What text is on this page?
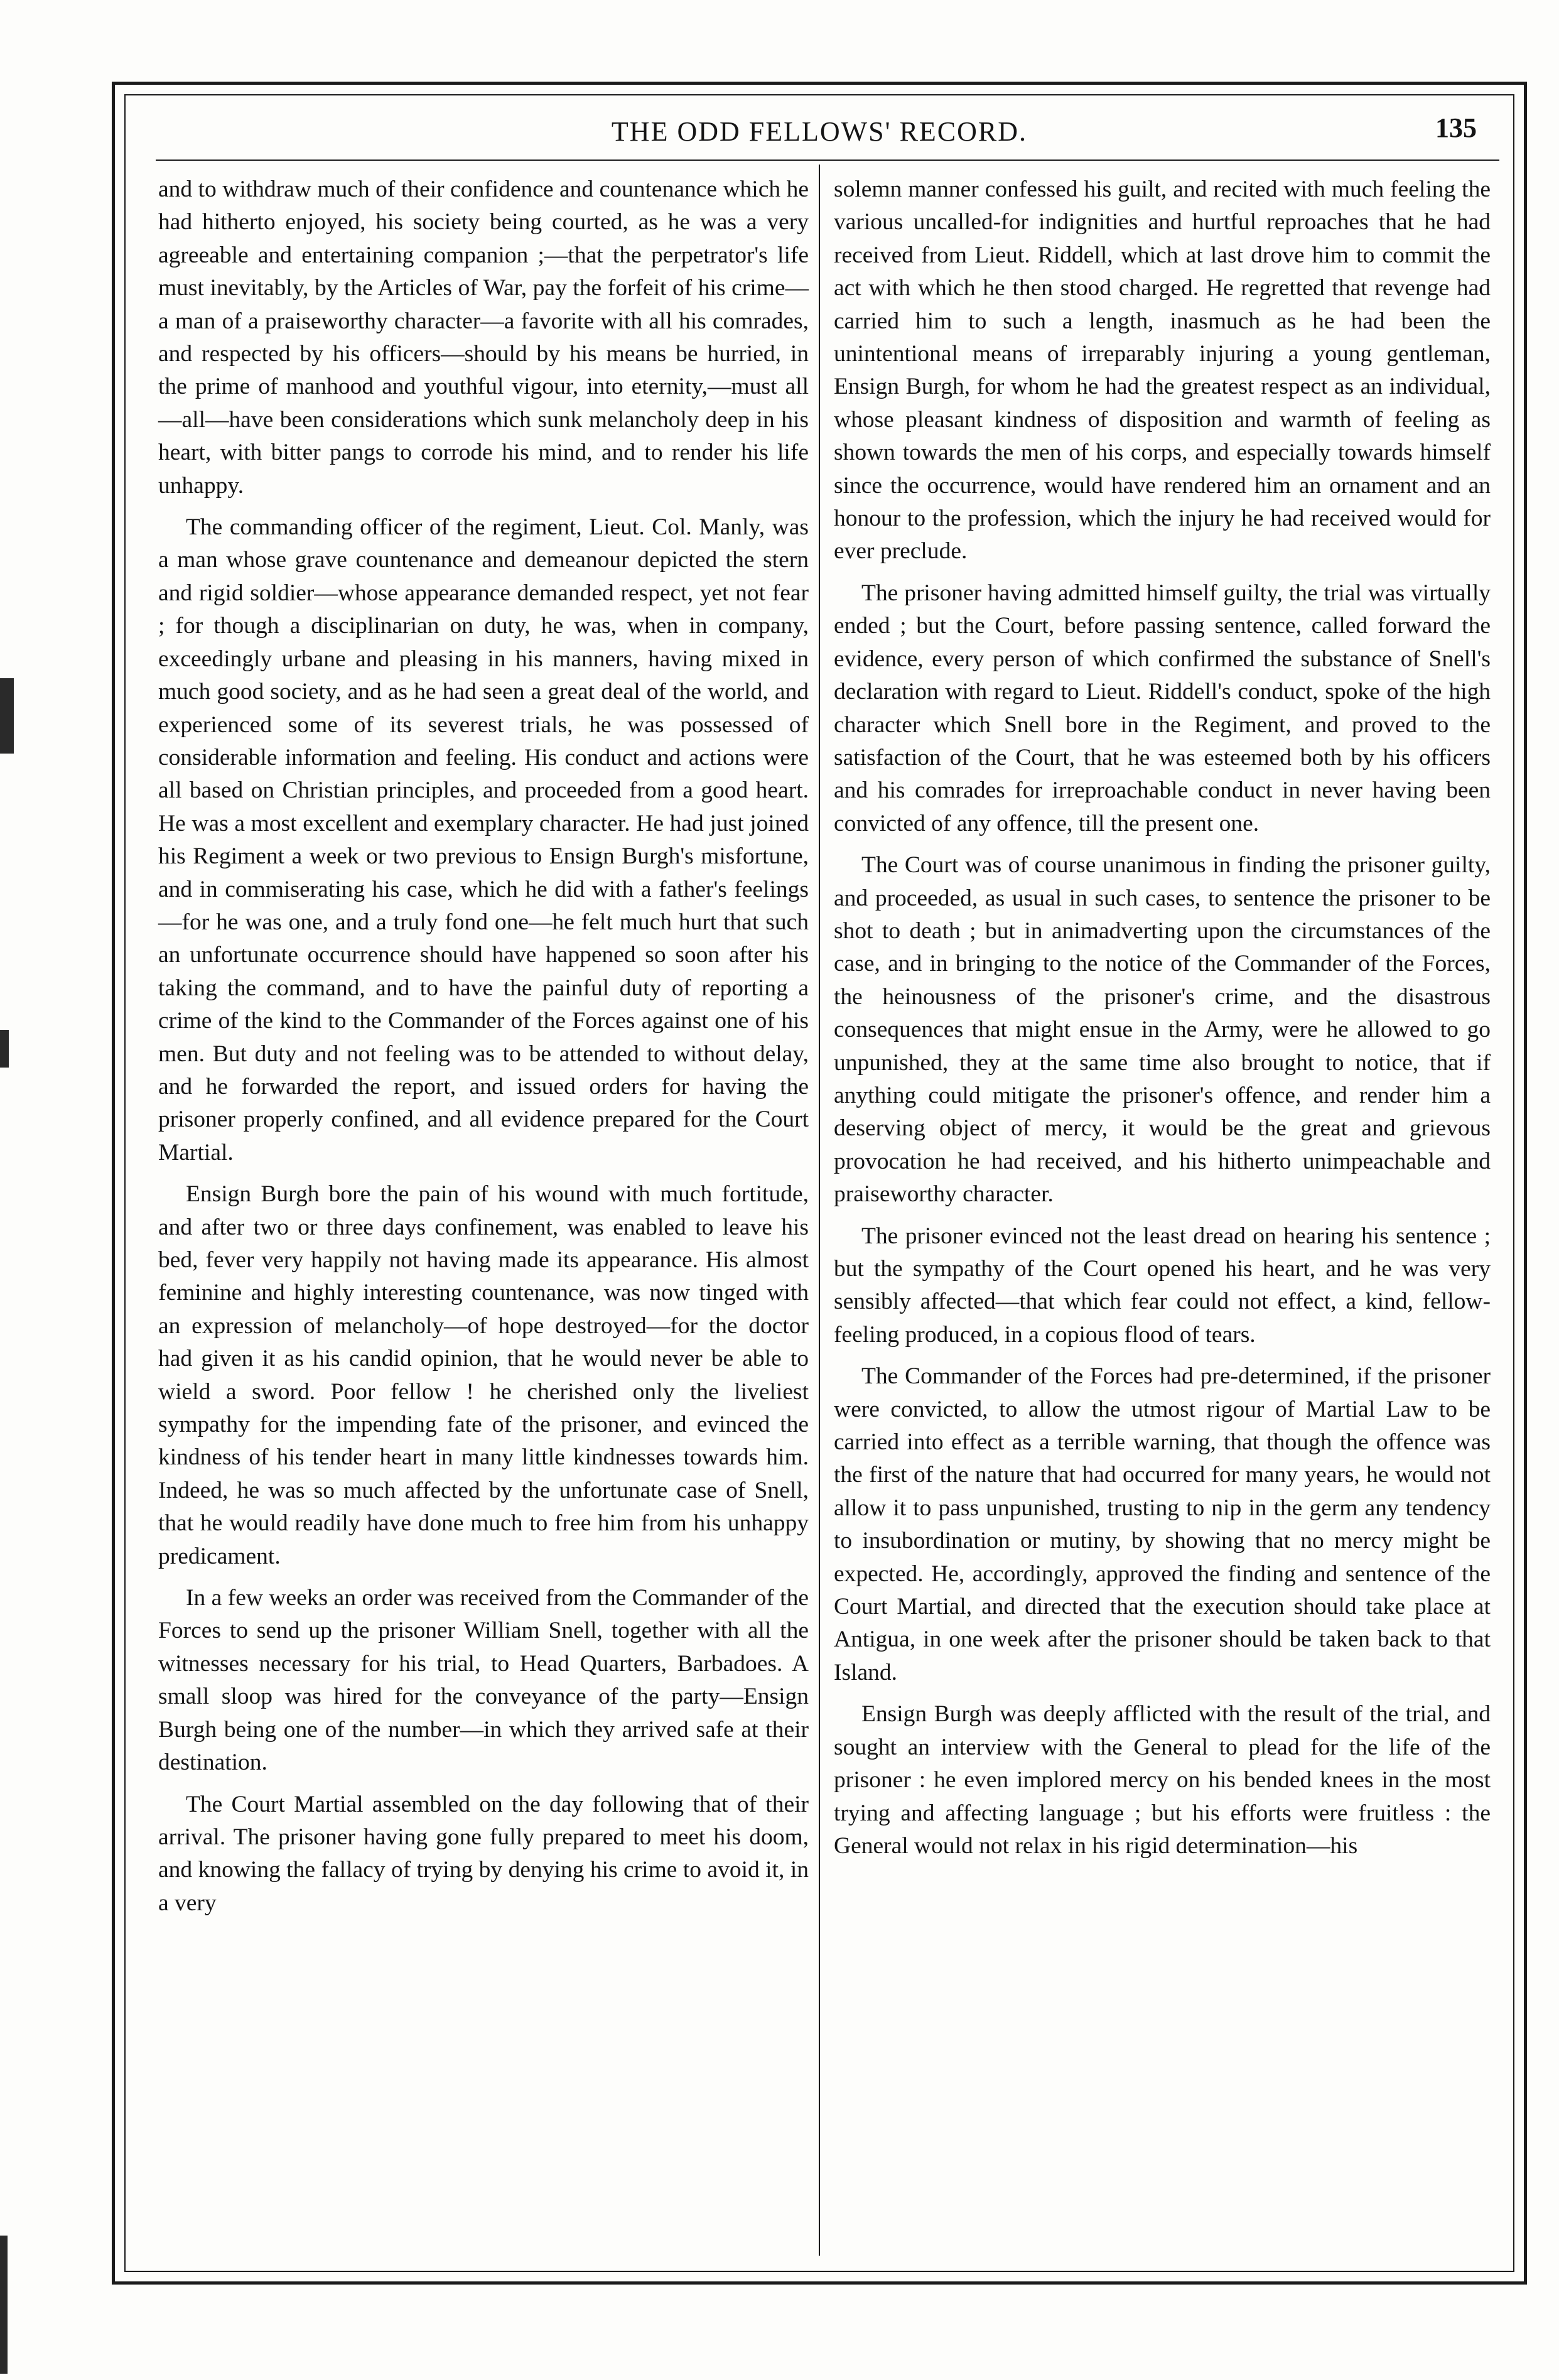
THE ODD FELLOWS' RECORD.	135

and to withdraw much of their confidence and countenance which he had hitherto enjoyed, his society being courted, as he was a very agreeable and entertaining companion ;—that the perpetrator's life must inevitably, by the Articles of War, pay the forfeit of his crime—a man of a praiseworthy character—a favorite with all his comrades, and respected by his officers—should by his means be hurried, in the prime of manhood and youthful vigour, into eternity,—must all—all—have been considerations which sunk melancholy deep in his heart, with bitter pangs to corrode his mind, and to render his life unhappy.

The commanding officer of the regiment, Lieut. Col. Manly, was a man whose grave countenance and demeanour depicted the stern and rigid soldier—whose appearance demanded respect, yet not fear ; for though a disciplinarian on duty, he was, when in company, exceedingly urbane and pleasing in his manners, having mixed in much good society, and as he had seen a great deal of the world, and experienced some of its severest trials, he was possessed of considerable information and feeling. His conduct and actions were all based on Christian principles, and proceeded from a good heart. He was a most excellent and exemplary character. He had just joined his Regiment a week or two previous to Ensign Burgh's misfortune, and in commiserating his case, which he did with a father's feelings—for he was one, and a truly fond one—he felt much hurt that such an unfortunate occurrence should have happened so soon after his taking the command, and to have the painful duty of reporting a crime of the kind to the Commander of the Forces against one of his men. But duty and not feeling was to be attended to without delay, and he forwarded the report, and issued orders for having the prisoner properly confined, and all evidence prepared for the Court Martial.

Ensign Burgh bore the pain of his wound with much fortitude, and after two or three days confinement, was enabled to leave his bed, fever very happily not having made its appearance. His almost feminine and highly interesting countenance, was now tinged with an expression of melancholy—of hope destroyed—for the doctor had given it as his candid opinion, that he would never be able to wield a sword. Poor fellow ! he cherished only the liveliest sympathy for the impending fate of the prisoner, and evinced the kindness of his tender heart in many little kindnesses towards him. Indeed, he was so much affected by the unfortunate case of Snell, that he would readily have done much to free him from his unhappy predicament.

In a few weeks an order was received from the Commander of the Forces to send up the prisoner William Snell, together with all the witnesses necessary for his trial, to Head Quarters, Barbadoes. A small sloop was hired for the conveyance of the party—Ensign Burgh being one of the number—in which they arrived safe at their destination.

The Court Martial assembled on the day following that of their arrival. The prisoner having gone fully prepared to meet his doom, and knowing the fallacy of trying by denying his crime to avoid it, in a very

solemn manner confessed his guilt, and recited with much feeling the various uncalled-for indignities and hurtful reproaches that he had received from Lieut. Riddell, which at last drove him to commit the act with which he then stood charged. He regretted that revenge had carried him to such a length, inasmuch as he had been the unintentional means of irreparably injuring a young gentleman, Ensign Burgh, for whom he had the greatest respect as an individual, whose pleasant kindness of disposition and warmth of feeling as shown towards the men of his corps, and especially towards himself since the occurrence, would have rendered him an ornament and an honour to the profession, which the injury he had received would for ever preclude.

The prisoner having admitted himself guilty, the trial was virtually ended ; but the Court, before passing sentence, called forward the evidence, every person of which confirmed the substance of Snell's declaration with regard to Lieut. Riddell's conduct, spoke of the high character which Snell bore in the Regiment, and proved to the satisfaction of the Court, that he was esteemed both by his officers and his comrades for irreproachable conduct in never having been convicted of any offence, till the present one.

The Court was of course unanimous in finding the prisoner guilty, and proceeded, as usual in such cases, to sentence the prisoner to be shot to death ; but in animadverting upon the circumstances of the case, and in bringing to the notice of the Commander of the Forces, the heinousness of the prisoner's crime, and the disastrous consequences that might ensue in the Army, were he allowed to go unpunished, they at the same time also brought to notice, that if anything could mitigate the prisoner's offence, and render him a deserving object of mercy, it would be the great and grievous provocation he had received, and his hitherto unimpeachable and praiseworthy character.

The prisoner evinced not the least dread on hearing his sentence ; but the sympathy of the Court opened his heart, and he was very sensibly affected—that which fear could not effect, a kind, fellow-feeling produced, in a copious flood of tears.

The Commander of the Forces had pre-determined, if the prisoner were convicted, to allow the utmost rigour of Martial Law to be carried into effect as a terrible warning, that though the offence was the first of the nature that had occurred for many years, he would not allow it to pass unpunished, trusting to nip in the germ any tendency to insubordination or mutiny, by showing that no mercy might be expected. He, accordingly, approved the finding and sentence of the Court Martial, and directed that the execution should take place at Antigua, in one week after the prisoner should be taken back to that Island.

Ensign Burgh was deeply afflicted with the result of the trial, and sought an interview with the General to plead for the life of the prisoner : he even implored mercy on his bended knees in the most trying and affecting language ; but his efforts were fruitless : the General would not relax in his rigid determination—his
